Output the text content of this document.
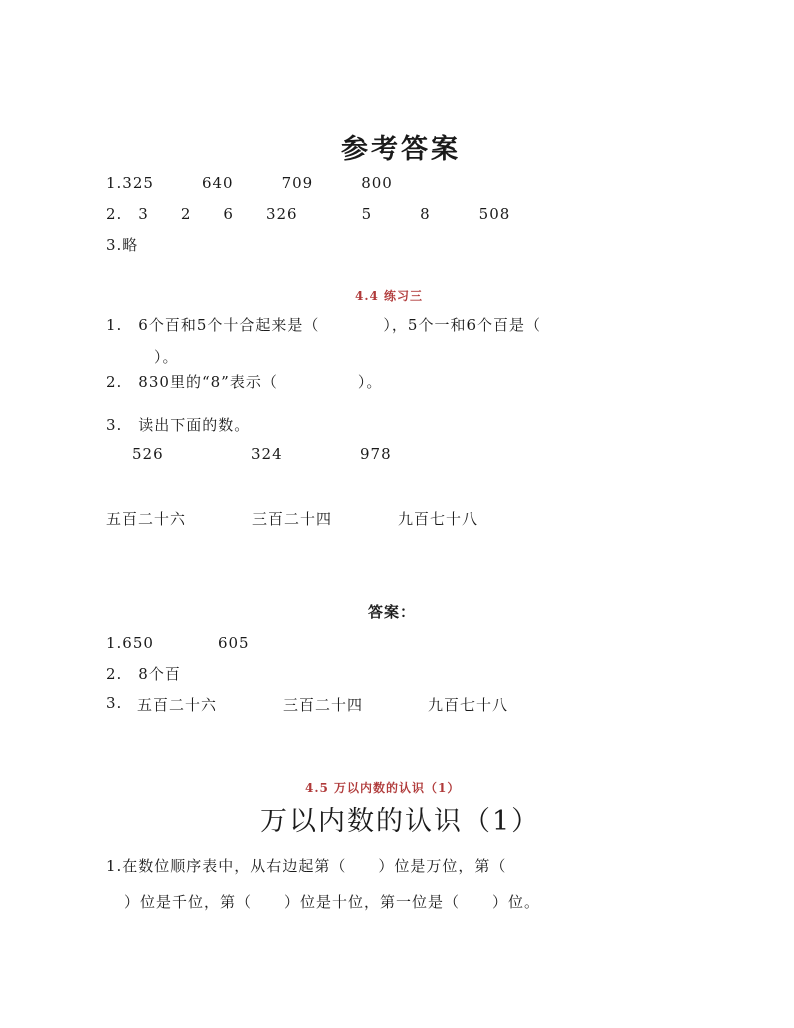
参考答案
1.325　　　640　　　709　　　800
2.　3　　2　　6　　326　　　　5　　　8　　　508
3.略
4.4 练习三
1.　6个百和5个十合起来是（　　　　），5个一和6个百是（
）。
2.　830里的“8”表示（　　　　　）。
3.　读出下面的数。
526	324	978
五百二十六	三百二十四	九百七十八
答案：
1.650　　　　605
2.　8个百
3. 五百二十六	三百二十四	九百七十八
4.5 万以内数的认识（1）
万以内数的认识（1）
1.在数位顺序表中，从右边起第（　　）位是万位，第（
）位是千位，第（　　）位是十位，第一位是（　　）位。
